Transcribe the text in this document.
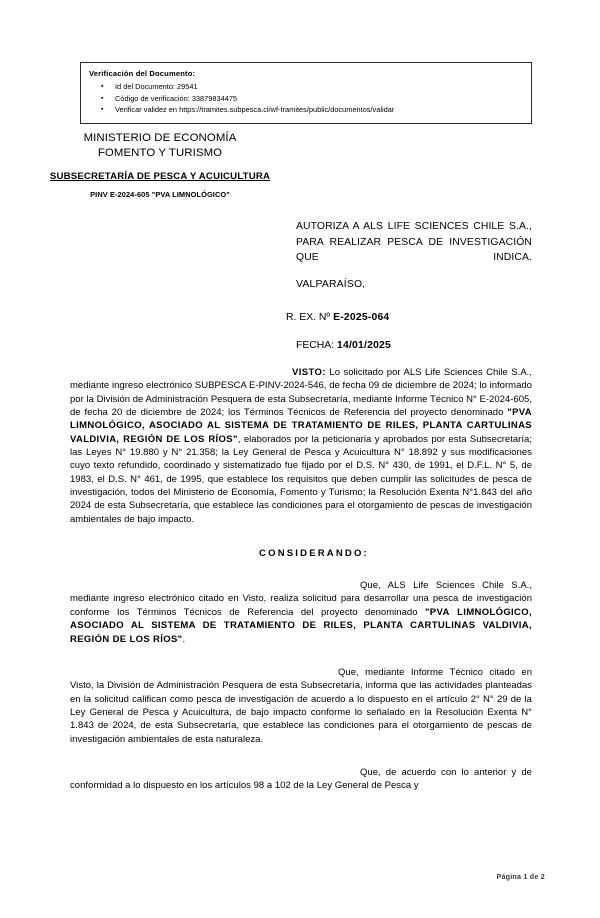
Verificación del Documento:
▪ Id del Documento: 29541
▪ Código de verificación: 33879834475
▪ Verificar validez en https://tramites.subpesca.cl/wf-tramites/public/documentos/validar
MINISTERIO DE ECONOMÍA
FOMENTO Y TURISMO
SUBSECRETARÍA DE PESCA Y ACUICULTURA
PINV E-2024-605 "PVA LIMNOLÓGICO"
AUTORIZA A ALS LIFE SCIENCES CHILE S.A., PARA REALIZAR PESCA DE INVESTIGACIÓN QUE INDICA.
VALPARAÍSO,
R. EX. Nº E-2025-064
FECHA: 14/01/2025

VISTO: Lo solicitado por ALS Life Sciences Chile S.A., mediante ingreso electrónico SUBPESCA E-PINV-2024-546, de fecha 09 de diciembre de 2024; lo informado por la División de Administración Pesquera de esta Subsecretaría, mediante Informe Técnico N° E-2024-605, de fecha 20 de diciembre de 2024; los Términos Técnicos de Referencia del proyecto denominado "PVA LIMNOLÓGICO, ASOCIADO AL SISTEMA DE TRATAMIENTO DE RILES, PLANTA CARTULINAS VALDIVIA, REGIÓN DE LOS RÍOS", elaborados por la peticionaria y aprobados por esta Subsecretaría; las Leyes N° 19.880 y N° 21.358; la Ley General de Pesca y Acuicultura N° 18.892 y sus modificaciones cuyo texto refundido, coordinado y sistematizado fue fijado por el D.S. N° 430, de 1991, el D.F.L. N° 5, de 1983, el D.S. N° 461, de 1995, que establece los requisitos que deben cumplir las solicitudes de pesca de investigación, todos del Ministerio de Economía, Fomento y Turismo; la Resolución Exenta N°1.843 del año 2024 de esta Subsecretaría, que establece las condiciones para el otorgamiento de pescas de investigación ambientales de bajo impacto.

CONSIDERANDO:

Que, ALS Life Sciences Chile S.A., mediante ingreso electrónico citado en Visto, realiza solicitud para desarrollar una pesca de investigación conforme los Términos Técnicos de Referencia del proyecto denominado "PVA LIMNOLÓGICO, ASOCIADO AL SISTEMA DE TRATAMIENTO DE RILES, PLANTA CARTULINAS VALDIVIA, REGIÓN DE LOS RÍOS".

Que, mediante Informe Técnico citado en Visto, la División de Administración Pesquera de esta Subsecretaría, informa que las actividades planteadas en la solicitud califican como pesca de investigación de acuerdo a lo dispuesto en el artículo 2° N° 29 de la Ley General de Pesca y Acuicultura, de bajo impacto conforme lo señalado en la Resolución Exenta N° 1.843 de 2024, de esta Subsecretaría, que establece las condiciones para el otorgamiento de pescas de investigación ambientales de esta naturaleza.

Que, de acuerdo con lo anterior y de conformidad a lo dispuesto en los artículos 98 a 102 de la Ley General de Pesca y

Página 1 de 2
